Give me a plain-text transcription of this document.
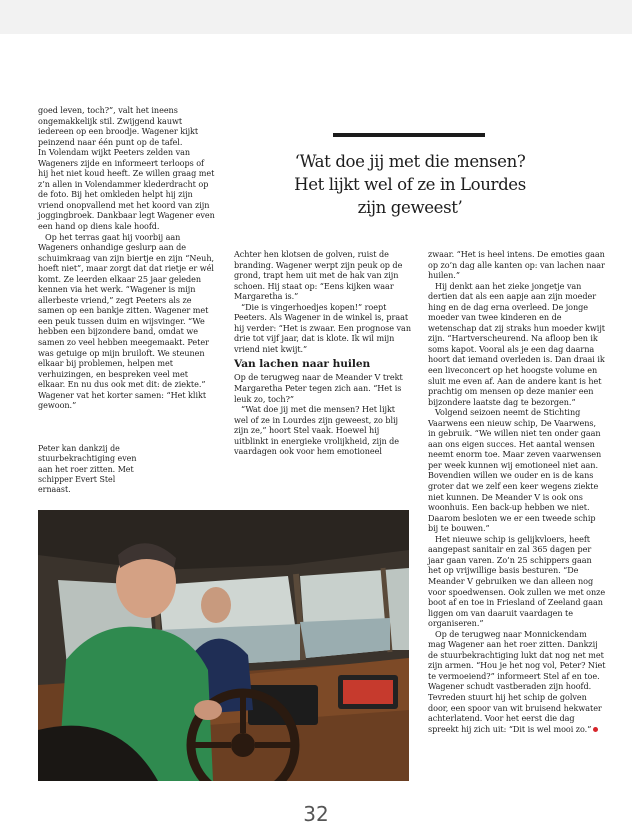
goed leven, toch?”, valt het ineens ongemakkelijk stil. Zwijgend kauwt iedereen op een broodje. Wagener kijkt peinzend naar één punt op de tafel.

In Volendam wijkt Peeters zelden van Wageners zijde en informeert terloops of hij het niet koud heeft. Ze willen graag met z’n allen in Volendammer klederdracht op de foto. Bij het omkleden helpt hij zijn vriend onopvallend met het koord van zijn joggingbroek. Dankbaar legt Wagener even een hand op diens kale hoofd.

Op het terras gaat hij voorbij aan Wageners onhandige geslurp aan de schuimkraag van zijn biertje en zijn “Neuh, hoeft niet”, maar zorgt dat dat rietje er wél komt. Ze leerden elkaar 25 jaar geleden kennen via het werk. “Wagener is mijn allerbeste vriend,” zegt Peeters als ze samen op een bankje zitten. Wagener met een peuk tussen duim en wijsvinger. “We hebben een bijzondere band, omdat we samen zo veel hebben meegemaakt. Peter was getuige op mijn bruiloft. We steunen elkaar bij problemen, helpen met verhuizingen, en bespreken veel met elkaar. En nu dus ook met dit: de ziekte.” Wagener vat het korter samen: “Het klikt gewoon.”

Peter kan dankzij de stuurbekrachtiging even aan het roer zitten. Met schipper Evert Stel ernaast.
‘Wat doe jij met die mensen? Het lijkt wel of ze in Lourdes zijn geweest’

Achter hen klotsen de golven, ruist de branding. Wagener werpt zijn peuk op de grond, trapt hem uit met de hak van zijn schoen. Hij staat op: “Eens kijken waar Margaretha is.”

“Die is vingerhoedjes kopen!” roept Peeters. Als Wagener in de winkel is, praat hij verder: “Het is zwaar. Een prognose van drie tot vijf jaar, dat is klote. Ik wil mijn vriend niet kwijt.”

Van lachen naar huilen

Op de terugweg naar de Meander V trekt Margaretha Peter tegen zich aan. “Het is leuk zo, toch?”

“Wat doe jij met die mensen? Het lijkt wel of ze in Lourdes zijn geweest, zo blij zijn ze,” hoort Stel vaak. Hoewel hij uitblinkt in energieke vrolijkheid, zijn de vaardagen ook voor hem emotioneel

zwaar. “Het is heel intens. De emoties gaan op zo’n dag alle kanten op: van lachen naar huilen.”

Hij denkt aan het zieke jongetje van dertien dat als een aapje aan zijn moeder hing en de dag erna overleed. De jonge moeder van twee kinderen en de wetenschap dat zij straks hun moeder kwijt zijn. “Hartverscheurend. Na afloop ben ik soms kapot. Vooral als je een dag daarna hoort dat iemand overleden is. Dan draai ik een liveconcert op het hoogste volume en sluit me even af. Aan de andere kant is het prachtig om mensen op deze manier een bijzondere laatste dag te bezorgen.”

Volgend seizoen neemt de Stichting Vaarwens een nieuw schip, De Vaarwens, in gebruik. “We willen niet ten onder gaan aan ons eigen succes. Het aantal wensen neemt enorm toe. Maar zeven vaarwensen per week kunnen wij emotioneel niet aan. Bovendien willen we ouder en is de kans groter dat we zelf een keer wegens ziekte niet kunnen. De Meander V is ook ons woonhuis. Een back-up hebben we niet. Daarom besloten we er een tweede schip bij te bouwen.”

Het nieuwe schip is gelijkvloers, heeft aangepast sanitair en zal 365 dagen per jaar gaan varen. Zo’n 25 schippers gaan het op vrijwillige basis besturen. “De Meander V gebruiken we dan alleen nog voor spoedwensen. Ook zullen we met onze boot af en toe in Friesland of Zeeland gaan liggen om van daaruit vaardagen te organiseren.”

Op de terugweg naar Monnickendam mag Wagener aan het roer zitten. Dankzij de stuurbekrachtiging lukt dat nog net met zijn armen. “Hou je het nog vol, Peter? Niet te vermoeiend?” informeert Stel af en toe. Wagener schudt vastberaden zijn hoofd. Tevreden stuurt hij het schip de golven door, een spoor van wit bruisend hekwater achterlatend. Voor het eerst die dag spreekt hij zich uit: “Dit is wel mooi zo.”

32
